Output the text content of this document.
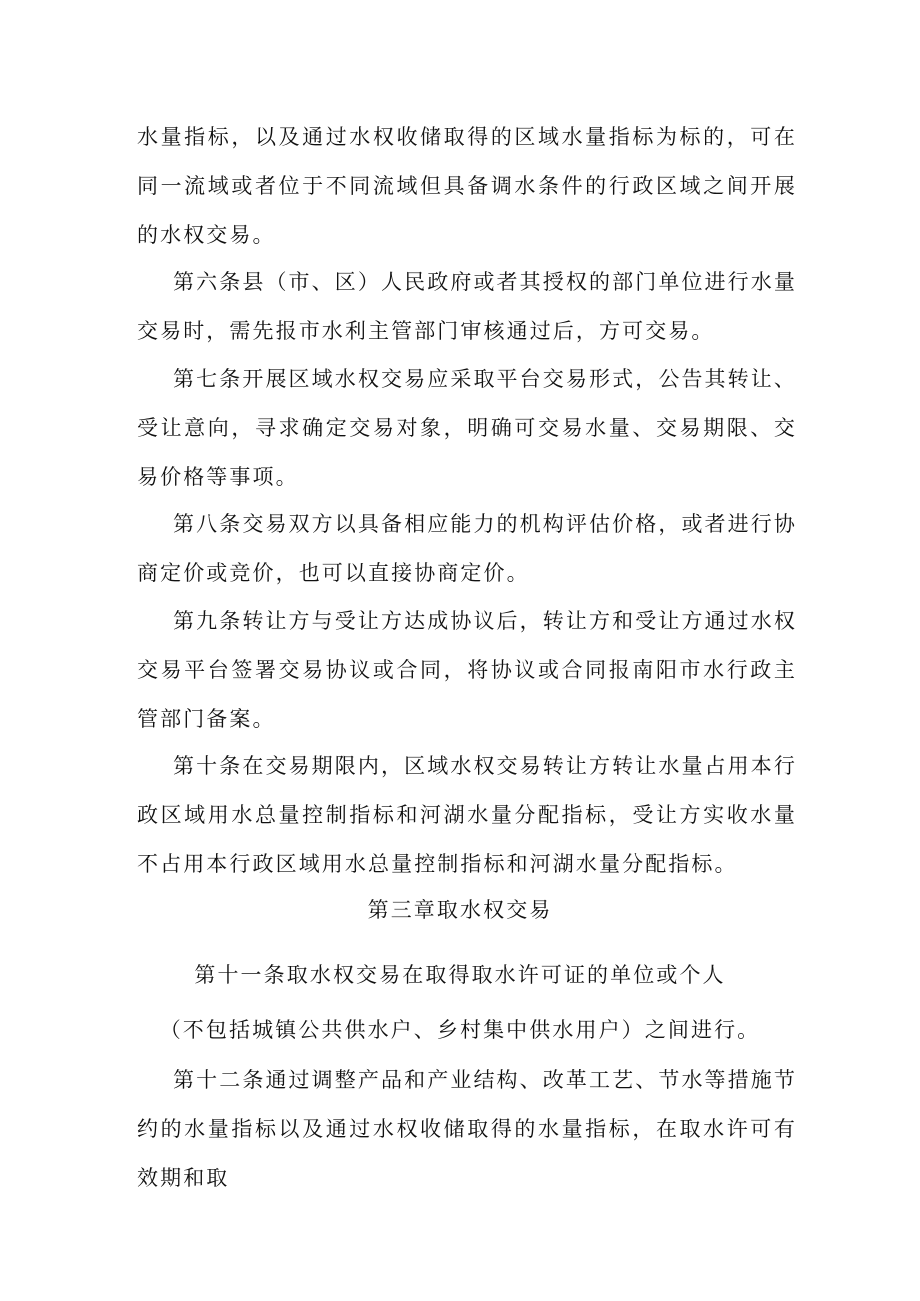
水量指标，以及通过水权收储取得的区域水量指标为标的，可在同一流域或者位于不同流域但具备调水条件的行政区域之间开展的水权交易。

第六条县（市、区）人民政府或者其授权的部门单位进行水量交易时，需先报市水利主管部门审核通过后，方可交易。

第七条开展区域水权交易应采取平台交易形式，公告其转让、受让意向，寻求确定交易对象，明确可交易水量、交易期限、交易价格等事项。

第八条交易双方以具备相应能力的机构评估价格，或者进行协商定价或竞价，也可以直接协商定价。

第九条转让方与受让方达成协议后，转让方和受让方通过水权交易平台签署交易协议或合同，将协议或合同报南阳市水行政主管部门备案。

第十条在交易期限内，区域水权交易转让方转让水量占用本行政区域用水总量控制指标和河湖水量分配指标，受让方实收水量不占用本行政区域用水总量控制指标和河湖水量分配指标。

第三章取水权交易

第十一条取水权交易在取得取水许可证的单位或个人

（不包括城镇公共供水户、乡村集中供水用户）之间进行。

第十二条通过调整产品和产业结构、改革工艺、节水等措施节约的水量指标以及通过水权收储取得的水量指标，在取水许可有效期和取
